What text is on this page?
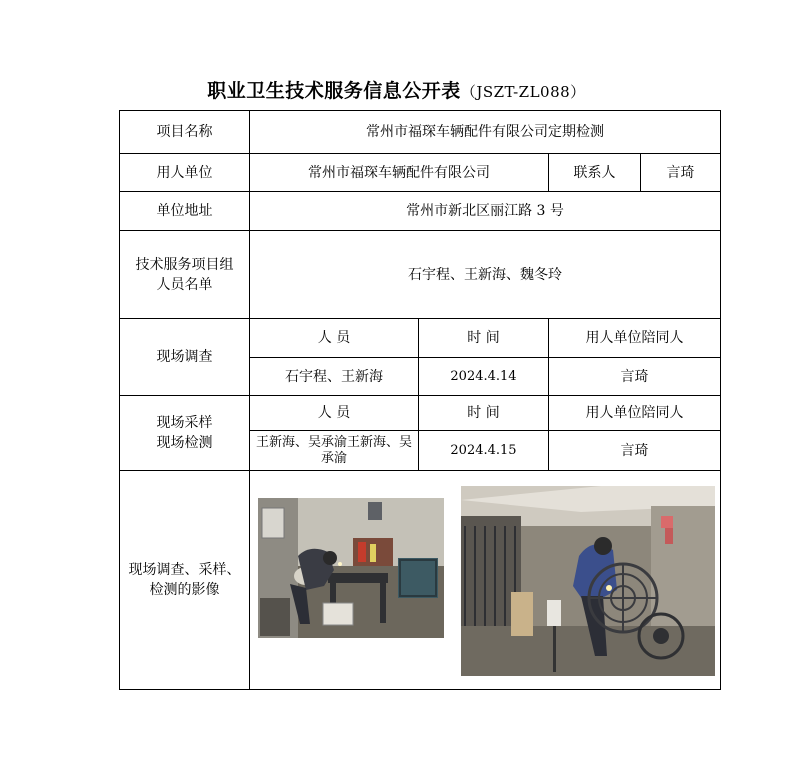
职业卫生技术服务信息公开表（JSZT-ZL088）
项目名称	常州市福琛车辆配件有限公司定期检测			
用人单位	常州市福琛车辆配件有限公司		联系人	言琦
单位地址	常州市新北区丽江路 3 号			
技术服务项目组人员名单	石宇程、王新海、魏冬玲			
现场调查	人 员	时 间	用人单位陪同人	
	石宇程、王新海	2024.4.14	言琦	

现场采样
现场检测	人 员	时 间	用人单位陪同人	
	王新海、吴承渝王新海、吴承渝	2024.4.15	言琦	
现场调查、采样、检测的影像	
